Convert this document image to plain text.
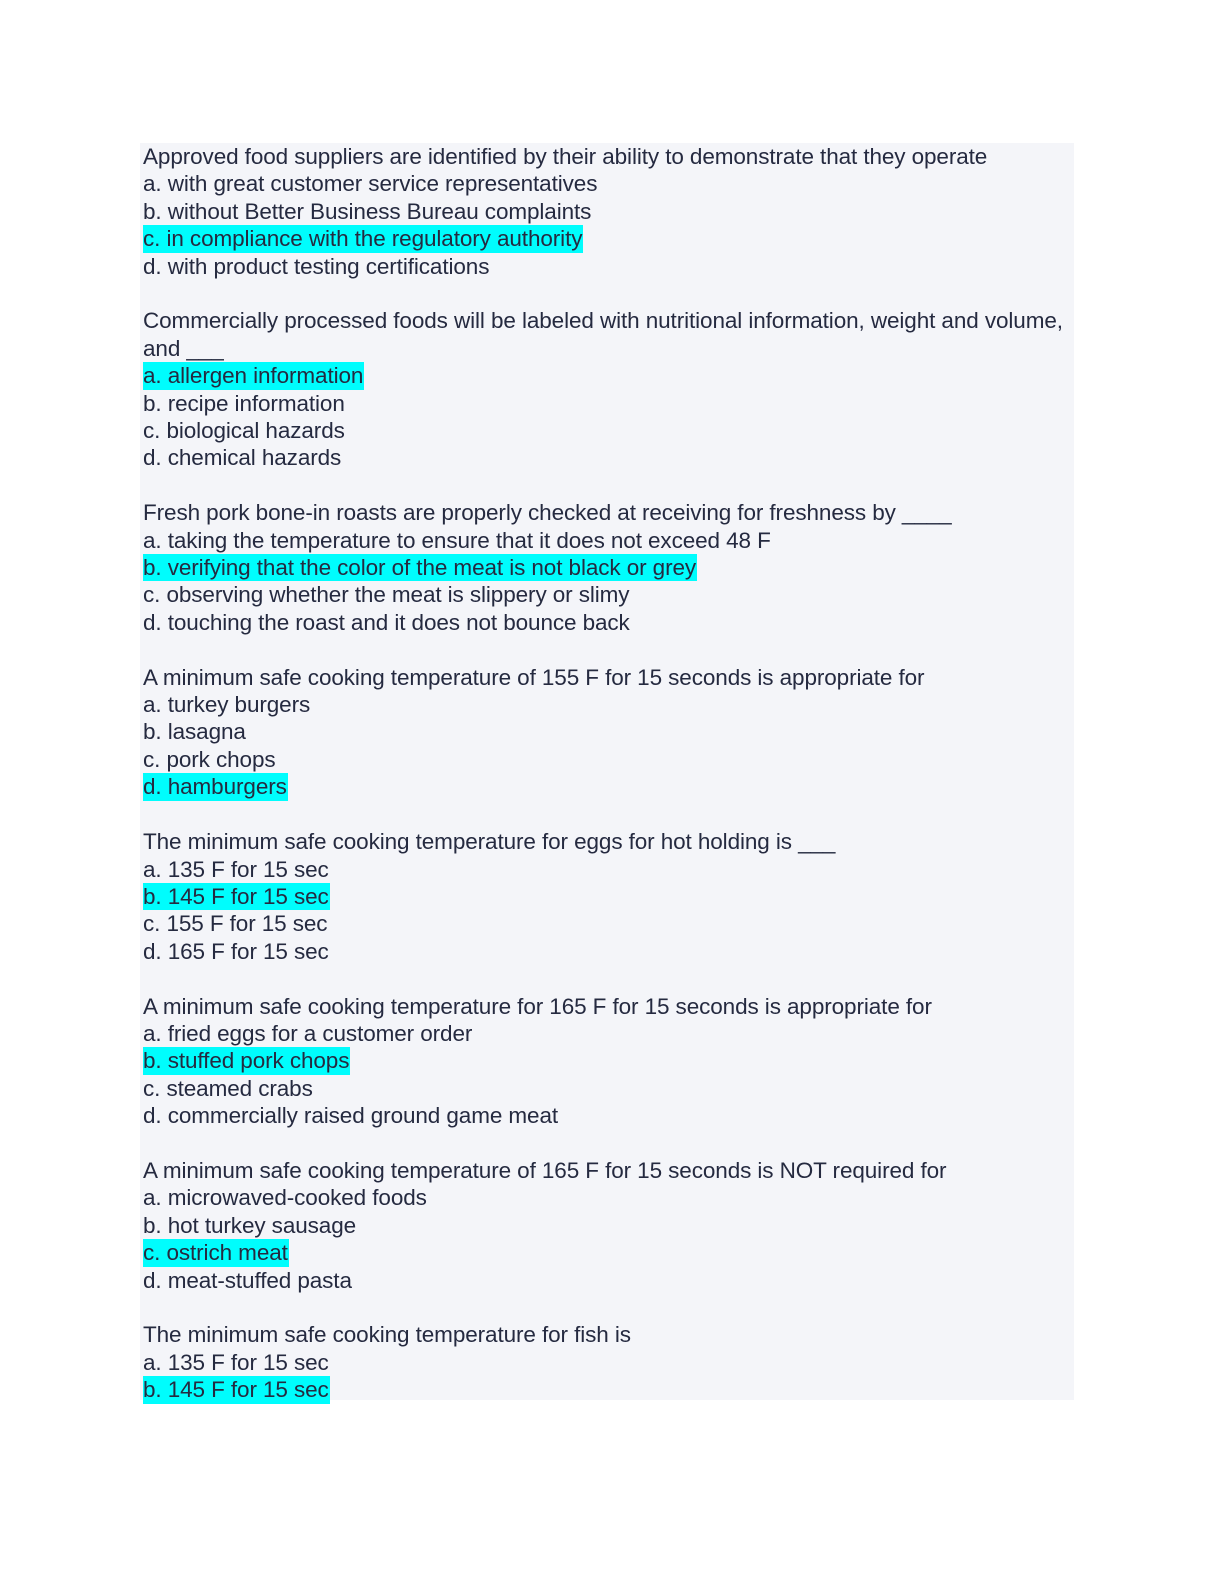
Approved food suppliers are identified by their ability to demonstrate that they operate
a. with great customer service representatives
b. without Better Business Bureau complaints
c. in compliance with the regulatory authority
d. with product testing certifications
Commercially processed foods will be labeled with nutritional information, weight and volume, and ___
a. allergen information
b. recipe information
c. biological hazards
d. chemical hazards
Fresh pork bone-in roasts are properly checked at receiving for freshness by ____
a. taking the temperature to ensure that it does not exceed 48 F
b. verifying that the color of the meat is not black or grey
c. observing whether the meat is slippery or slimy
d. touching the roast and it does not bounce back
A minimum safe cooking temperature of 155 F for 15 seconds is appropriate for
a. turkey burgers
b. lasagna
c. pork chops
d. hamburgers
The minimum safe cooking temperature for eggs for hot holding is ___
a. 135 F for 15 sec
b. 145 F for 15 sec
c. 155 F for 15 sec
d. 165 F for 15 sec
A minimum safe cooking temperature for 165 F for 15 seconds is appropriate for
a. fried eggs for a customer order
b. stuffed pork chops
c. steamed crabs
d. commercially raised ground game meat
A minimum safe cooking temperature of 165 F for 15 seconds is NOT required for
a. microwaved-cooked foods
b. hot turkey sausage
c. ostrich meat
d. meat-stuffed pasta
The minimum safe cooking temperature for fish is
a. 135 F for 15 sec
b. 145 F for 15 sec
